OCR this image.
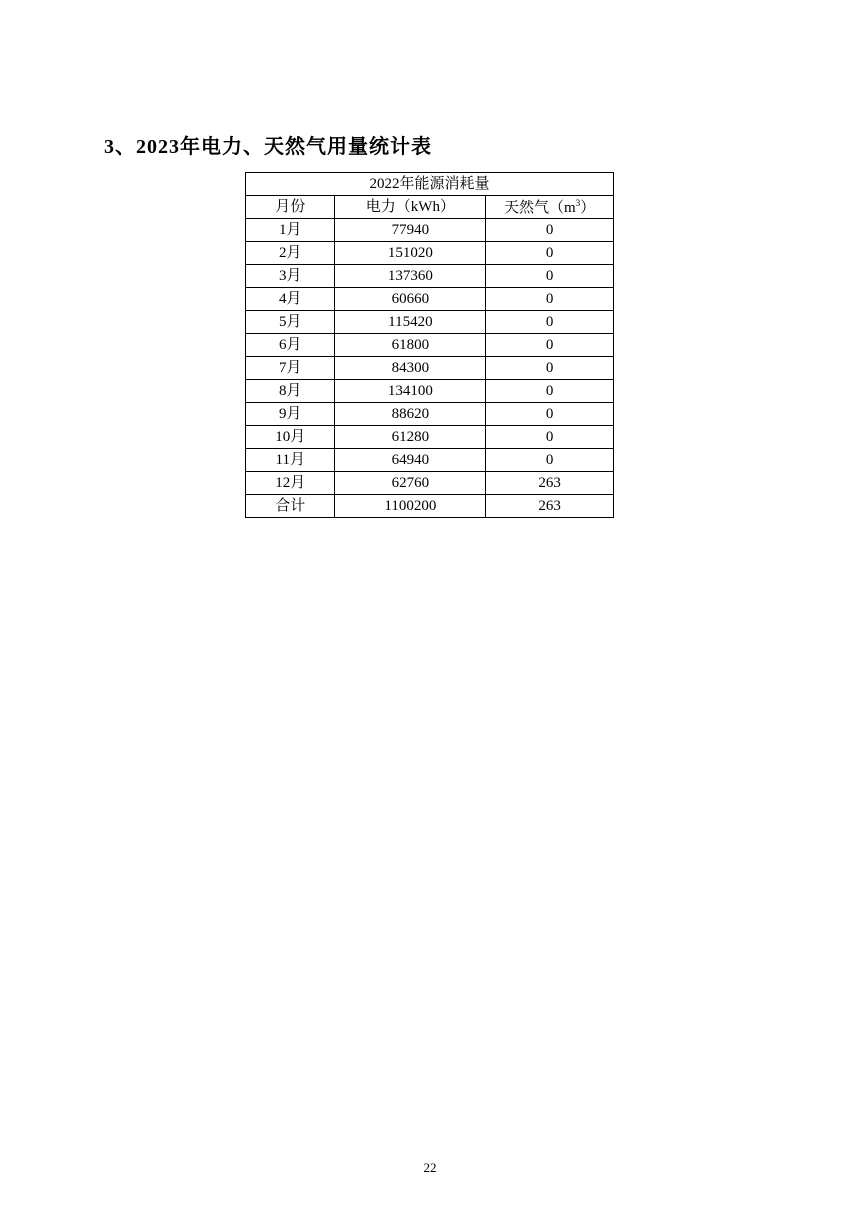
3、2023年电力、天然气用量统计表
2022年能源消耗量		
月份	电力（kWh）	天然气$(m^3)$
1月	77940	0
2月	151020	0
3月	137360	0
4月	60660	0
5月	115420	0
6月	61800	0
7月	84300	0
8月	134100	0
9月	88620	0
10月	61280	0
11月	64940	0
12月	62760	263
合计	1100200	263
22
